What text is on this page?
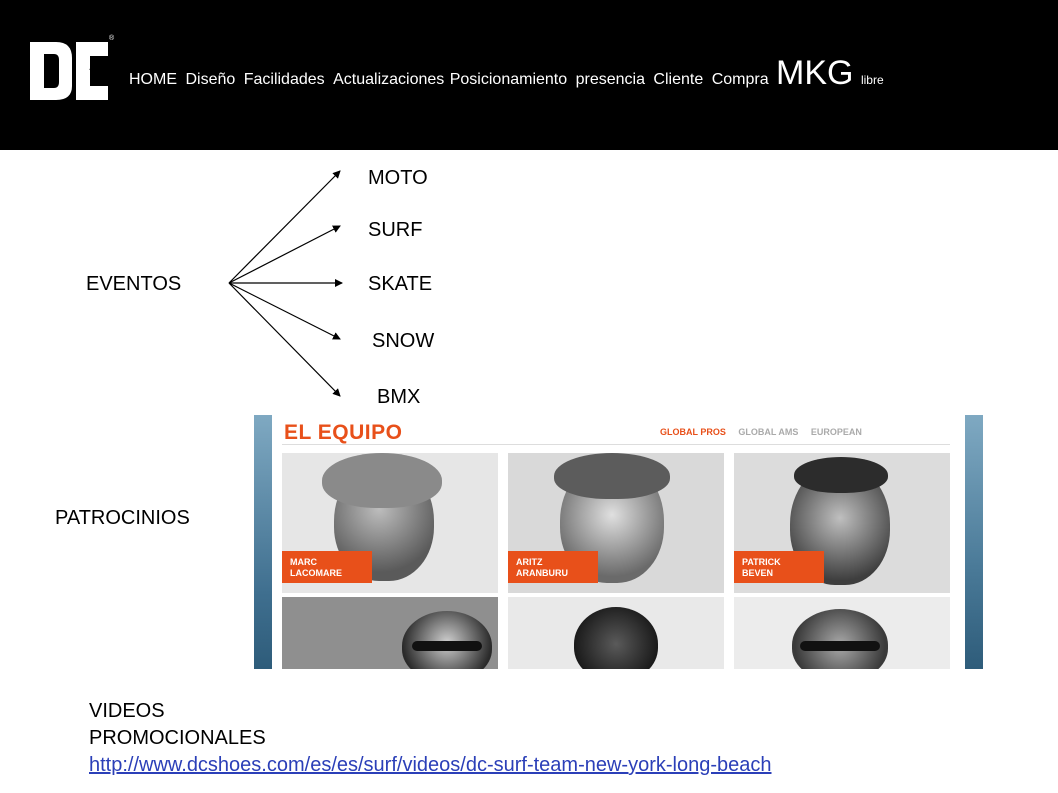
®
HOME Diseño Facilidades Actualizaciones Posicionamiento presencia Cliente Compra MKG libre
EVENTOS
MOTO
SURF
SKATE
SNOW
BMX
PATROCINIOS
EL EQUIPO	GLOBAL PROS GLOBAL AMS EUROPEAN
MARC
LACOMARE
ARITZ
ARANBURU
PATRICK
BEVEN
VIDEOS
PROMOCIONALES
http://www.dcshoes.com/es/es/surf/videos/dc-surf-team-new-york-long-beach
